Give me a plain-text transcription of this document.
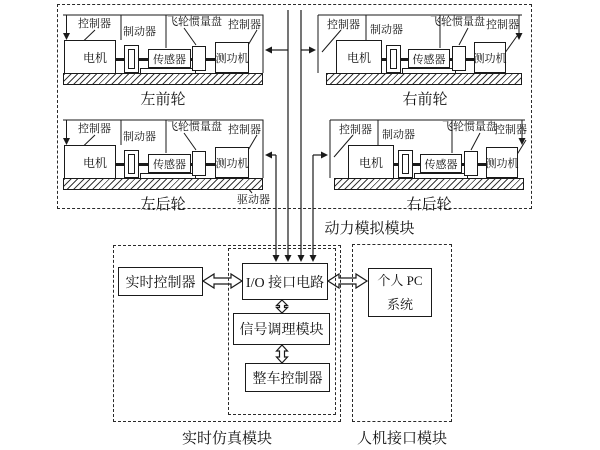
控制器
制动器
飞轮惯量盘 控制器
电机	传感器	测功机
左前轮
控制器 制动器
飞轮惯量盘 控制器
电机	传感器	测功机
右前轮
控制器
制动器
飞轮惯量盘 控制器
电机	传感器	测功机
左后轮	驱动器
控制器 制动器
飞轮惯量盘
控制器
电机	传感器	测功机
右后轮
动力模拟模块
实时仿真模块	人机接口模块
实时控制器	I/O 接口电路
信号调理模块
整车控制器
个人 PC
系统
